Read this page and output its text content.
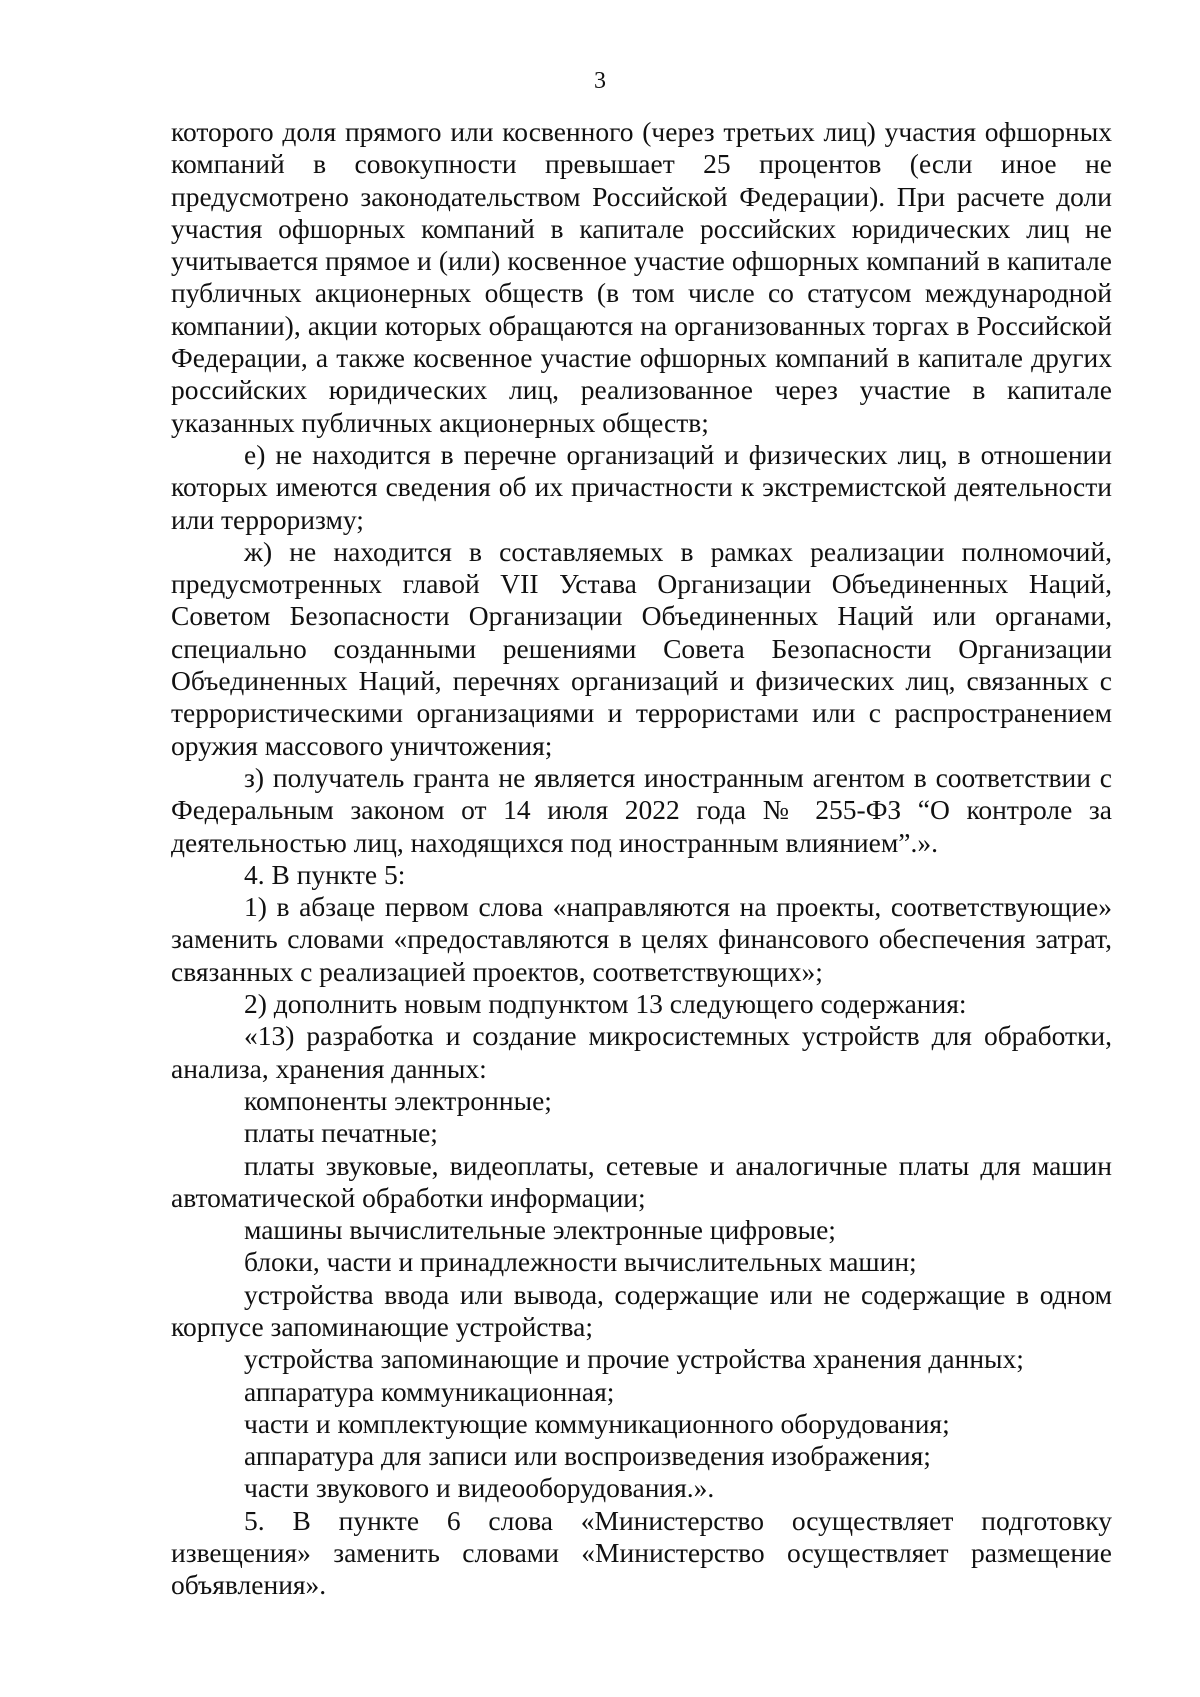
3

которого доля прямого или косвенного (через третьих лиц) участия офшорных компаний в совокупности превышает 25 процентов (если иное не предусмотрено законодательством Российской Федерации). При расчете доли участия офшорных компаний в капитале российских юридических лиц не учитывается прямое и (или) косвенное участие офшорных компаний в капитале публичных акционерных обществ (в том числе со статусом международной компании), акции которых обращаются на организованных торгах в Российской Федерации, а также косвенное участие офшорных компаний в капитале других российских юридических лиц, реализованное через участие в капитале указанных публичных акционерных обществ;

е) не находится в перечне организаций и физических лиц, в отношении которых имеются сведения об их причастности к экстремистской деятельности или терроризму;

ж) не находится в составляемых в рамках реализации полномочий, предусмотренных главой VII Устава Организации Объединенных Наций, Советом Безопасности Организации Объединенных Наций или органами, специально созданными решениями Совета Безопасности Организации Объединенных Наций, перечнях организаций и физических лиц, связанных с террористическими организациями и террористами или с распространением оружия массового уничтожения;

з) получатель гранта не является иностранным агентом в соответствии с Федеральным законом от 14 июля 2022 года № 255-ФЗ “О контроле за деятельностью лиц, находящихся под иностранным влиянием”.».

4. В пункте 5:

1) в абзаце первом слова «направляются на проекты, соответствующие» заменить словами «предоставляются в целях финансового обеспечения затрат, связанных с реализацией проектов, соответствующих»;

2) дополнить новым подпунктом 13 следующего содержания:

«13) разработка и создание микросистемных устройств для обработки, анализа, хранения данных:

компоненты электронные;

платы печатные;

платы звуковые, видеоплаты, сетевые и аналогичные платы для машин автоматической обработки информации;

машины вычислительные электронные цифровые;

блоки, части и принадлежности вычислительных машин;

устройства ввода или вывода, содержащие или не содержащие в одном корпусе запоминающие устройства;

устройства запоминающие и прочие устройства хранения данных;

аппаратура коммуникационная;

части и комплектующие коммуникационного оборудования;

аппаратура для записи или воспроизведения изображения;

части звукового и видеооборудования.».

5. В пункте 6 слова «Министерство осуществляет подготовку извещения» заменить словами «Министерство осуществляет размещение объявления».
